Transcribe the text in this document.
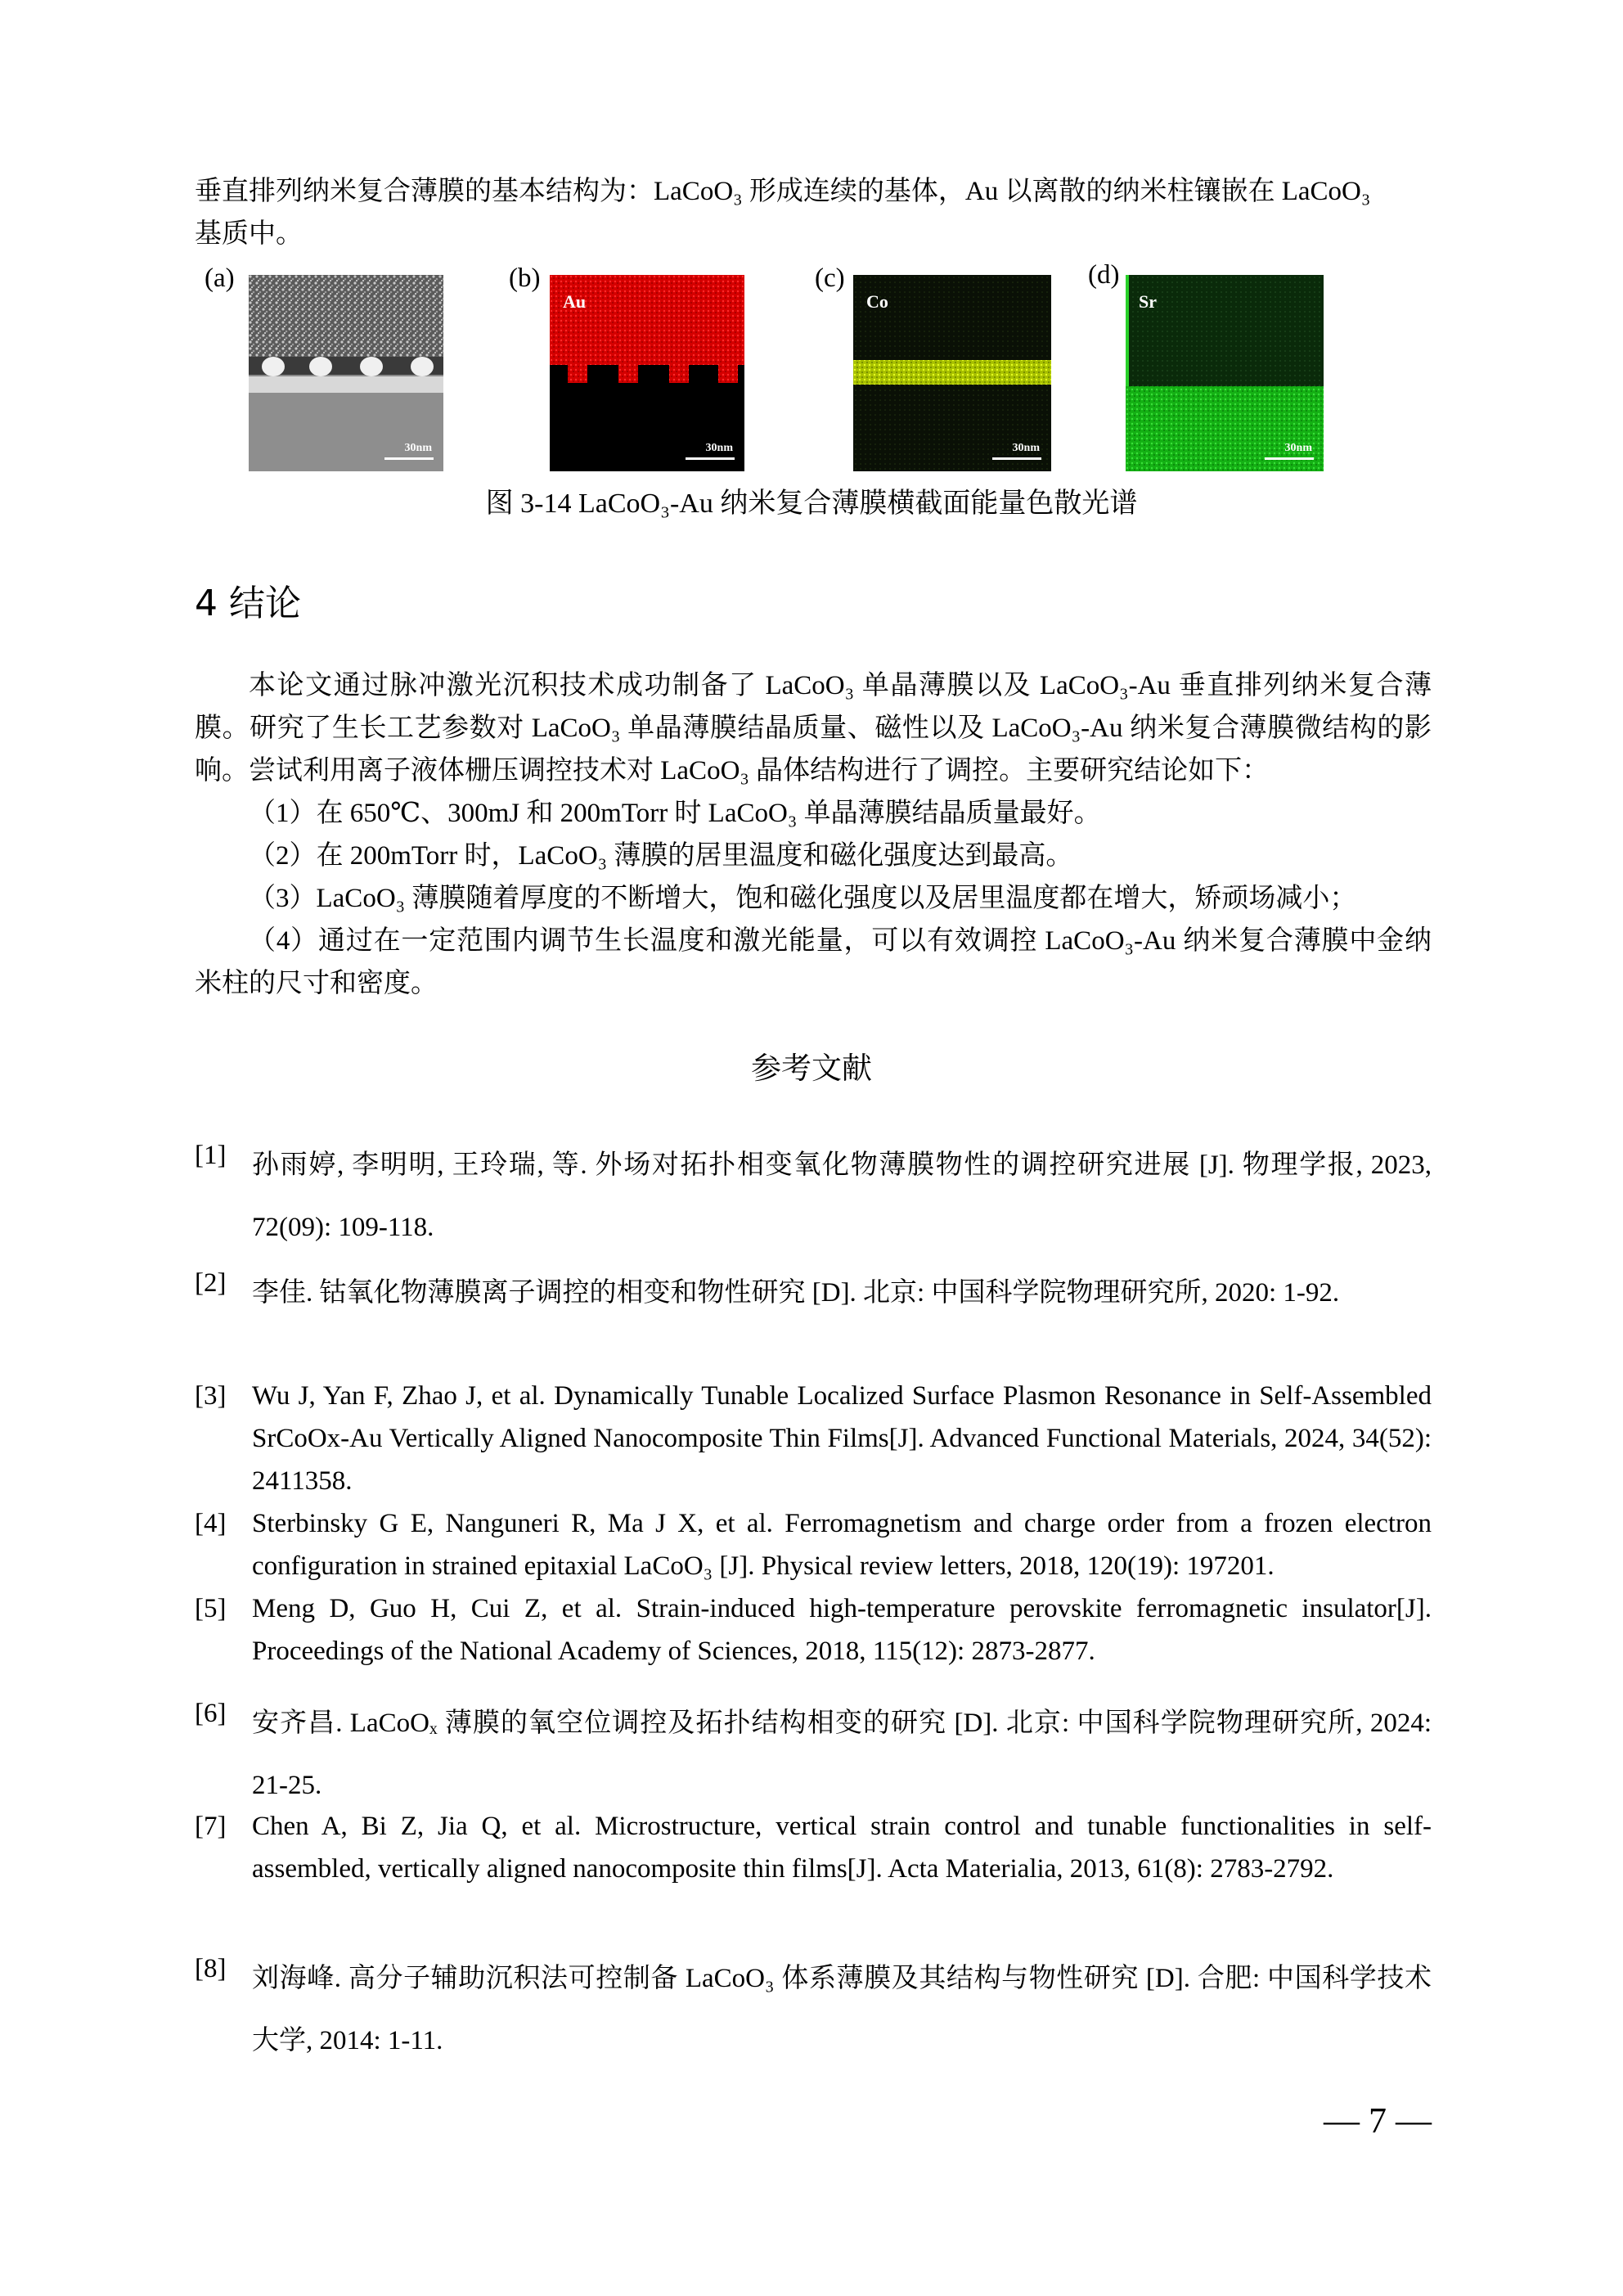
垂直排列纳米复合薄膜的基本结构为：LaCoO₃ 形成连续的基体，Au 以离散的纳米柱镶嵌在 LaCoO₃
基质中。
(a)	(b)	(c)	(d)
30nm
Au
30nm
Co
30nm
Sr
30nm
图 3-14 LaCoO₃-Au 纳米复合薄膜横截面能量色散光谱
4 结论

本论文通过脉冲激光沉积技术成功制备了 LaCoO₃ 单晶薄膜以及 LaCoO₃-Au 垂直排列纳米复合薄膜。研究了生长工艺参数对 LaCoO₃ 单晶薄膜结晶质量、磁性以及 LaCoO₃-Au 纳米复合薄膜微结构的影响。尝试利用离子液体栅压调控技术对 LaCoO₃ 晶体结构进行了调控。主要研究结论如下：

（1）在 650℃、300mJ 和 200mTorr 时 LaCoO₃ 单晶薄膜结晶质量最好。

（2）在 200mTorr 时，LaCoO₃ 薄膜的居里温度和磁化强度达到最高。

（3）LaCoO₃ 薄膜随着厚度的不断增大，饱和磁化强度以及居里温度都在增大，矫顽场减小；

（4）通过在一定范围内调节生长温度和激光能量，可以有效调控 LaCoO₃-Au 纳米复合薄膜中金纳米柱的尺寸和密度。

参考文献
[1] 孙雨婷, 李明明, 王玲瑞, 等. 外场对拓扑相变氧化物薄膜物性的调控研究进展 [J]. 物理学报, 2023, 72(09): 109-118.
[2] 李佳. 钴氧化物薄膜离子调控的相变和物性研究 [D]. 北京: 中国科学院物理研究所, 2020: 1-92.
[3] Wu J, Yan F, Zhao J, et al. Dynamically Tunable Localized Surface Plasmon Resonance in Self-Assembled SrCoOx-Au Vertically Aligned Nanocomposite Thin Films[J]. Advanced Functional Materials, 2024, 34(52): 2411358.
[4] Sterbinsky G E, Nanguneri R, Ma J X, et al. Ferromagnetism and charge order from a frozen electron configuration in strained epitaxial LaCoO₃ [J]. Physical review letters, 2018, 120(19): 197201.
[5] Meng D, Guo H, Cui Z, et al. Strain-induced high-temperature perovskite ferromagnetic insulator[J]. Proceedings of the National Academy of Sciences, 2018, 115(12): 2873-2877.
[6] 安齐昌. LaCoOₓ 薄膜的氧空位调控及拓扑结构相变的研究 [D]. 北京: 中国科学院物理研究所, 2024: 21-25.
[7] Chen A, Bi Z, Jia Q, et al. Microstructure, vertical strain control and tunable functionalities in self-assembled, vertically aligned nanocomposite thin films[J]. Acta Materialia, 2013, 61(8): 2783-2792.
[8] 刘海峰. 高分子辅助沉积法可控制备 LaCoO₃ 体系薄膜及其结构与物性研究 [D]. 合肥: 中国科学技术大学, 2014: 1-11.
— 7 —
